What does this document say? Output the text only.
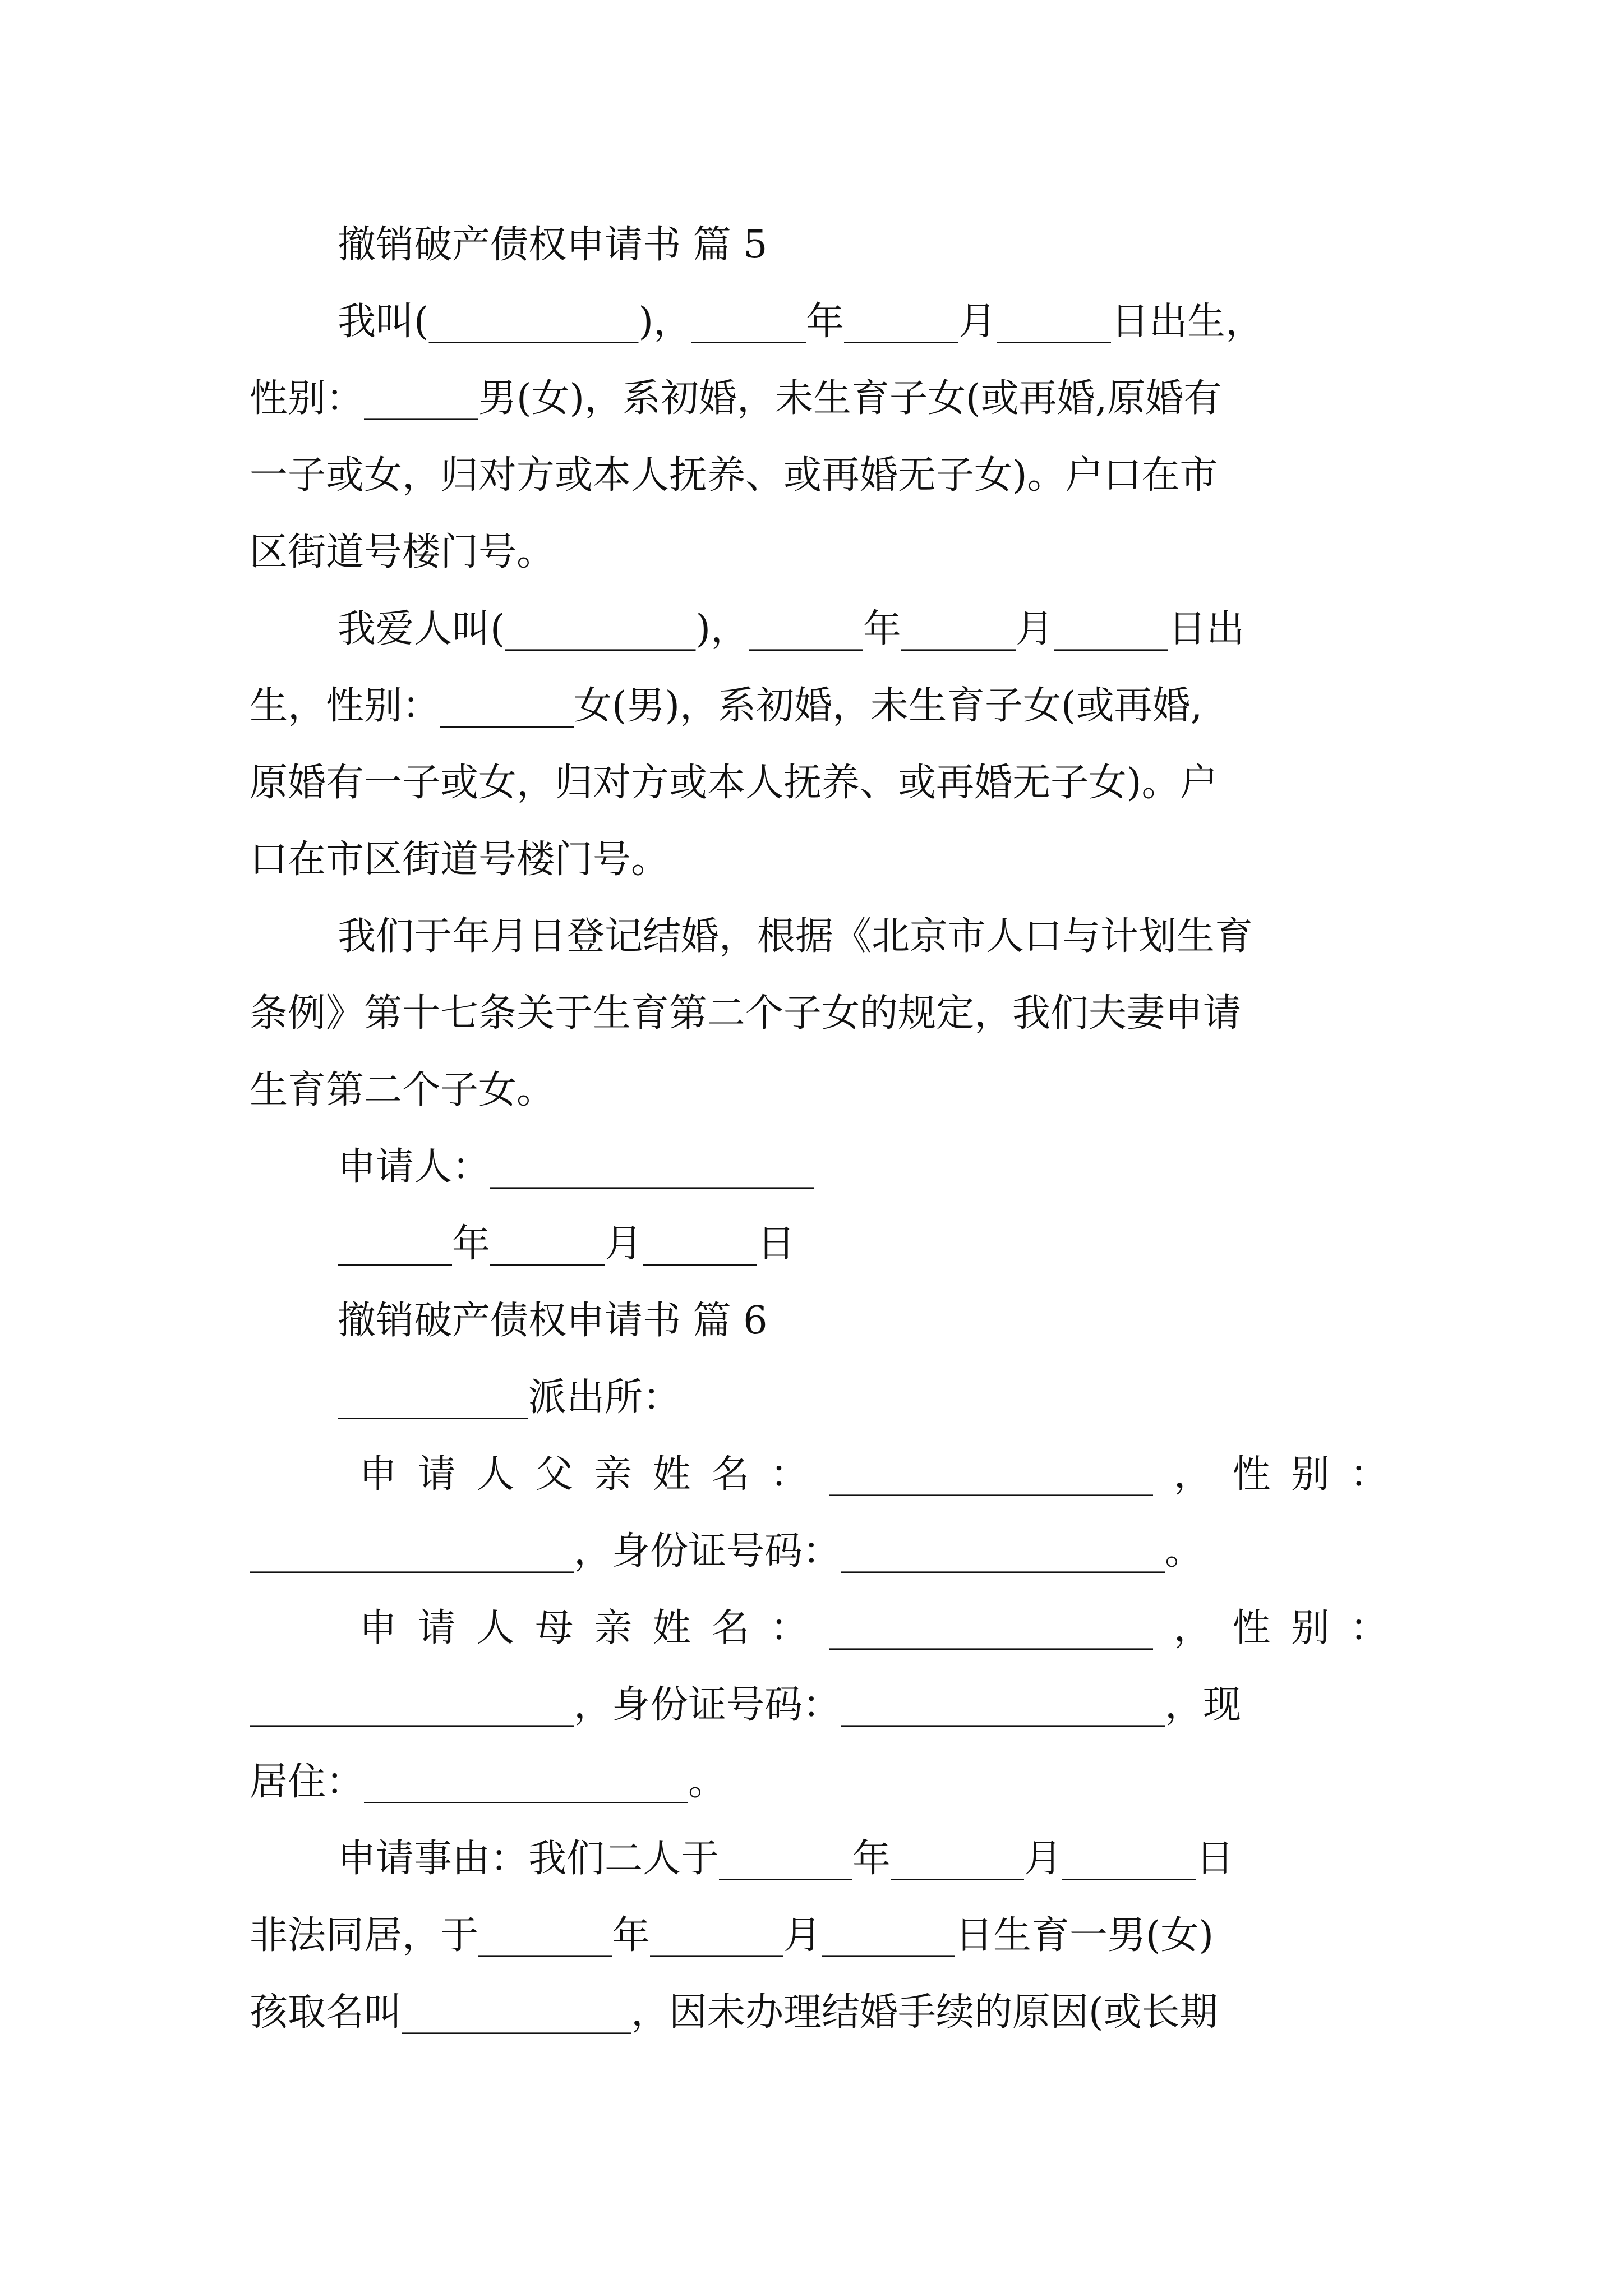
撤销破产债权申请书 篇 5
我叫(___________)，______年______月______日出生，
性别：______男(女)，系初婚，未生育子女(或再婚,原婚有
一子或女，归对方或本人抚养、或再婚无子女)。户口在市
区街道号楼门号。
我爱人叫(__________)，______年______月______日出
生，性别：_______女(男)，系初婚，未生育子女(或再婚,
原婚有一子或女，归对方或本人抚养、或再婚无子女)。户
口在市区街道号楼门号。
我们于年月日登记结婚，根据《北京市人口与计划生育
条例》第十七条关于生育第二个子女的规定，我们夫妻申请
生育第二个子女。
申请人：_________________
______年______月______日
撤销破产债权申请书 篇 6
__________派出所：
申请人父亲姓名：_________________，性别：
_________________，身份证号码：_________________。
申请人母亲姓名：_________________，性别：
_________________，身份证号码：_________________，现
居住：_________________。
申请事由：我们二人于_______年_______月_______日
非法同居，于_______年_______月_______日生育一男(女)
孩取名叫____________，因未办理结婚手续的原因(或长期
